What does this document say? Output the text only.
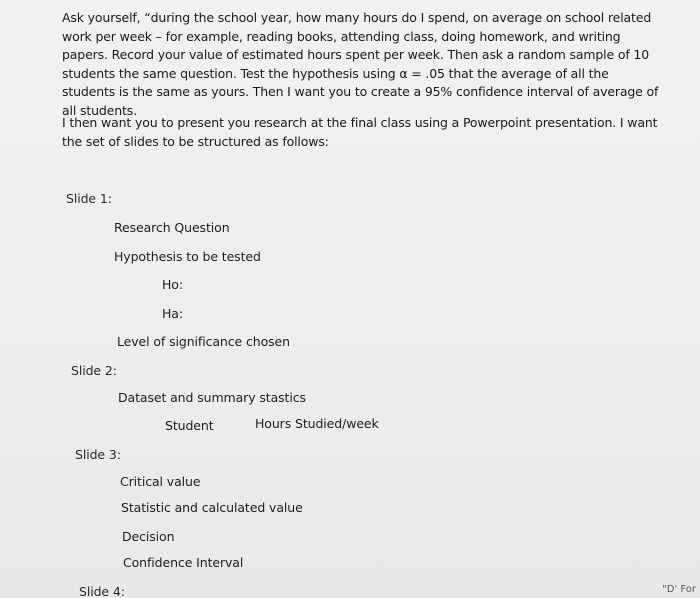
Ask yourself, “during the school year, how many hours do I spend, on average on school related work per week – for example, reading books, attending class, doing homework, and writing papers. Record your value of estimated hours spent per week. Then ask a random sample of 10 students the same question. Test the hypothesis using α = .05 that the average of all the students is the same as yours. Then I want you to create a 95% confidence interval of average of all students.

I then want you to present you research at the final class using a Powerpoint presentation. I want the set of slides to be structured as follows:

Slide 1:
Research Question
Hypothesis to be tested
Ho:
Ha:
Level of significance chosen
Slide 2:
Dataset and summary stastics
Student	Hours Studied/week
Slide 3:
Critical value
Statistic and calculated value
Decision
Confidence Interval
Slide 4:	"D' For
